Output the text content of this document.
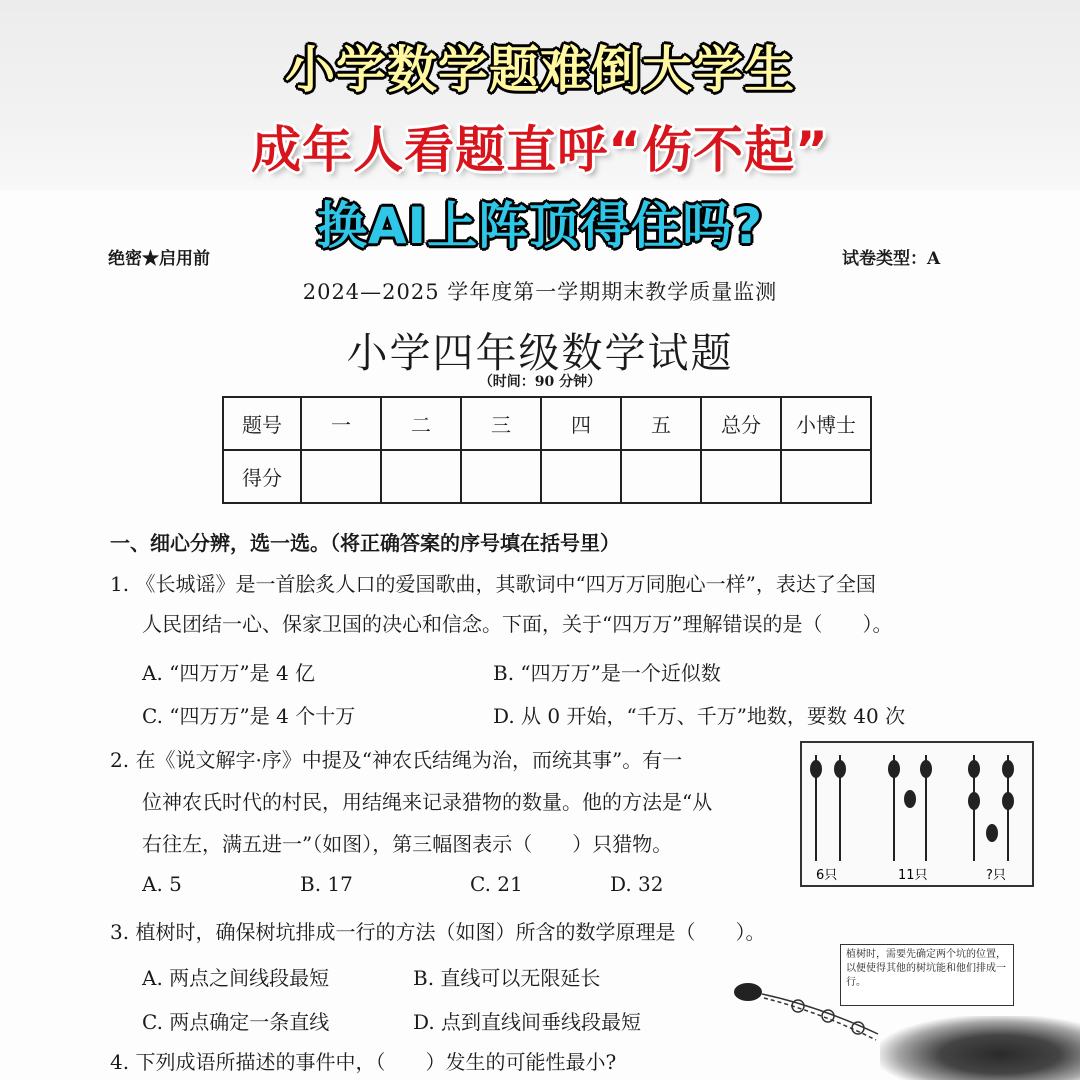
小学数学题难倒大学生
成年人看题直呼“伤不起”
换AI上阵顶得住吗?
绝密★启用前	试卷类型：A
2024—2025 学年度第一学期期末教学质量监测
小学四年级数学试题
（时间：90 分钟）
题号	一	二	三	四	五	总分	小博士
得分							
一、细心分辨，选一选。（将正确答案的序号填在括号里）
1. 《长城谣》是一首脍炙人口的爱国歌曲，其歌词中“四万万同胞心一样”，表达了全国
人民团结一心、保家卫国的决心和信念。下面，关于“四万万”理解错误的是（　　）。
A. “四万万”是 4 亿	B. “四万万”是一个近似数
C. “四万万”是 4 个十万	D. 从 0 开始，“千万、千万”地数，要数 40 次
2. 在《说文解字·序》中提及“神农氏结绳为治，而统其事”。有一
位神农氏时代的村民，用结绳来记录猎物的数量。他的方法是“从
右往左，满五进一”（如图），第三幅图表示（　　）只猎物。
A. 5	B. 17	C. 21	D. 32	6只	11只	?只
3. 植树时，确保树坑排成一行的方法（如图）所含的数学原理是（　　）。
A. 两点之间线段最短	B. 直线可以无限延长
C. 两点确定一条直线	D. 点到直线间垂线段最短
植树时，需要先确定两个坑的位置，以便使得其他的树坑能和他们排成一行。
4. 下列成语所描述的事件中，（　　）发生的可能性最小?
